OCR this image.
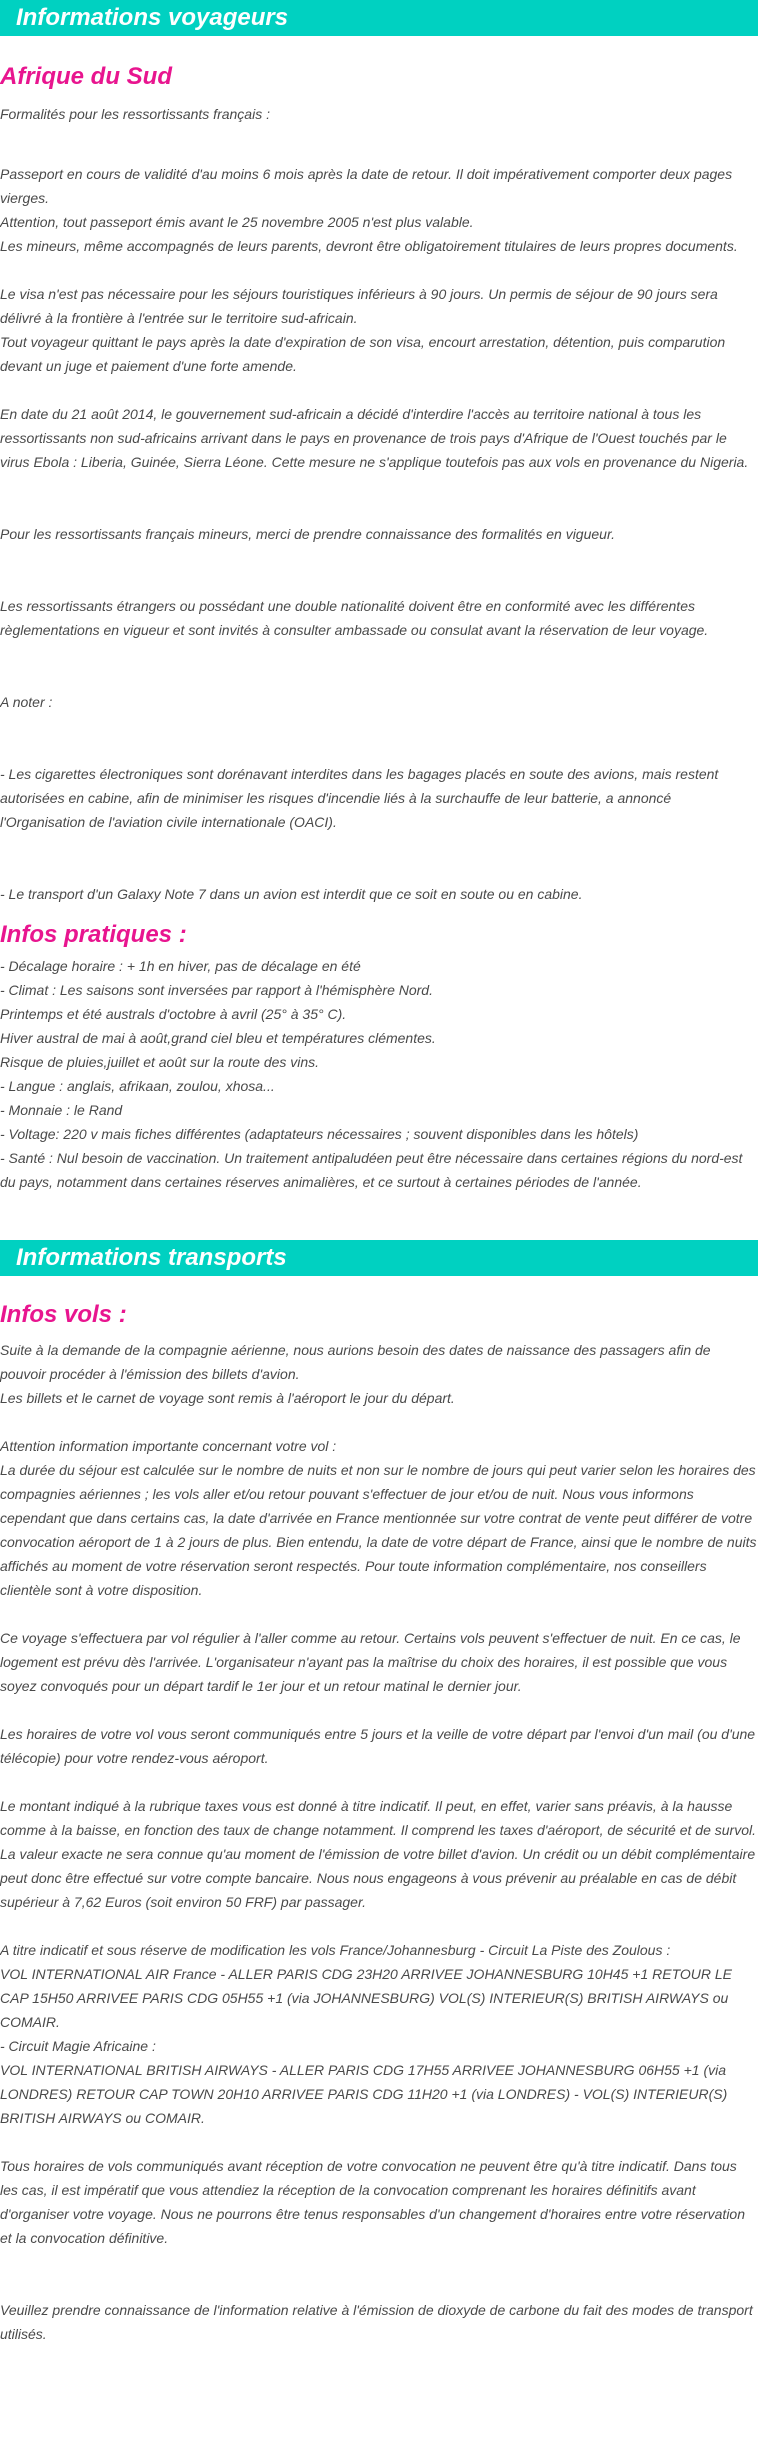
Informations voyageurs
Afrique du Sud

Formalités pour les ressortissants français :

Passeport en cours de validité d'au moins 6 mois après la date de retour. Il doit impérativement comporter deux pages vierges.

Attention, tout passeport émis avant le 25 novembre 2005 n'est plus valable.

Les mineurs, même accompagnés de leurs parents, devront être obligatoirement titulaires de leurs propres documents.

Le visa n'est pas nécessaire pour les séjours touristiques inférieurs à 90 jours. Un permis de séjour de 90 jours sera délivré à la frontière à l'entrée sur le territoire sud-africain.

Tout voyageur quittant le pays après la date d'expiration de son visa, encourt arrestation, détention, puis comparution devant un juge et paiement d'une forte amende.

En date du 21 août 2014, le gouvernement sud-africain a décidé d'interdire l'accès au territoire national à tous les ressortissants non sud-africains arrivant dans le pays en provenance de trois pays d'Afrique de l'Ouest touchés par le virus Ebola : Liberia, Guinée, Sierra Léone. Cette mesure ne s'applique toutefois pas aux vols en provenance du Nigeria.

Pour les ressortissants français mineurs, merci de prendre connaissance des formalités en vigueur.

Les ressortissants étrangers ou possédant une double nationalité doivent être en conformité avec les différentes règlementations en vigueur et sont invités à consulter ambassade ou consulat avant la réservation de leur voyage.

A noter :

- Les cigarettes électroniques sont dorénavant interdites dans les bagages placés en soute des avions, mais restent autorisées en cabine, afin de minimiser les risques d'incendie liés à la surchauffe de leur batterie, a annoncé l'Organisation de l'aviation civile internationale (OACI).

- Le transport d'un Galaxy Note 7 dans un avion est interdit que ce soit en soute ou en cabine.

Infos pratiques :

- Décalage horaire : + 1h en hiver, pas de décalage en été

- Climat : Les saisons sont inversées par rapport à l'hémisphère Nord.

Printemps et été australs d'octobre à avril (25° à 35° C).

Hiver austral de mai à août,grand ciel bleu et températures clémentes.

Risque de pluies,juillet et août sur la route des vins.

- Langue : anglais, afrikaan, zoulou, xhosa...

- Monnaie : le Rand

- Voltage: 220 v mais fiches différentes (adaptateurs nécessaires ; souvent disponibles dans les hôtels)

- Santé : Nul besoin de vaccination. Un traitement antipaludéen peut être nécessaire dans certaines régions du nord-est du pays, notamment dans certaines réserves animalières, et ce surtout à certaines périodes de l'année.

Informations transports
Infos vols :

Suite à la demande de la compagnie aérienne, nous aurions besoin des dates de naissance des passagers afin de pouvoir procéder à l'émission des billets d'avion.

Les billets et le carnet de voyage sont remis à l'aéroport le jour du départ.

Attention information importante concernant votre vol :

La durée du séjour est calculée sur le nombre de nuits et non sur le nombre de jours qui peut varier selon les horaires des compagnies aériennes ; les vols aller et/ou retour pouvant s'effectuer de jour et/ou de nuit. Nous vous informons cependant que dans certains cas, la date d'arrivée en France mentionnée sur votre contrat de vente peut différer de votre convocation aéroport de 1 à 2 jours de plus. Bien entendu, la date de votre départ de France, ainsi que le nombre de nuits affichés au moment de votre réservation seront respectés. Pour toute information complémentaire, nos conseillers clientèle sont à votre disposition.

Ce voyage s'effectuera par vol régulier à l'aller comme au retour. Certains vols peuvent s'effectuer de nuit. En ce cas, le logement est prévu dès l'arrivée. L'organisateur n'ayant pas la maîtrise du choix des horaires, il est possible que vous soyez convoqués pour un départ tardif le 1er jour et un retour matinal le dernier jour.

Les horaires de votre vol vous seront communiqués entre 5 jours et la veille de votre départ par l'envoi d'un mail (ou d'une télécopie) pour votre rendez-vous aéroport.

Le montant indiqué à la rubrique taxes vous est donné à titre indicatif. Il peut, en effet, varier sans préavis, à la hausse comme à la baisse, en fonction des taux de change notamment. Il comprend les taxes d'aéroport, de sécurité et de survol. La valeur exacte ne sera connue qu'au moment de l'émission de votre billet d'avion. Un crédit ou un débit complémentaire peut donc être effectué sur votre compte bancaire. Nous nous engageons à vous prévenir au préalable en cas de débit supérieur à 7,62 Euros (soit environ 50 FRF) par passager.

A titre indicatif et sous réserve de modification les vols France/Johannesburg - Circuit La Piste des Zoulous :

VOL INTERNATIONAL AIR France - ALLER PARIS CDG 23H20 ARRIVEE JOHANNESBURG 10H45 +1 RETOUR LE CAP 15H50 ARRIVEE PARIS CDG 05H55 +1 (via JOHANNESBURG) VOL(S) INTERIEUR(S) BRITISH AIRWAYS ou COMAIR.

- Circuit Magie Africaine :

VOL INTERNATIONAL BRITISH AIRWAYS - ALLER PARIS CDG 17H55 ARRIVEE JOHANNESBURG 06H55 +1 (via LONDRES) RETOUR CAP TOWN 20H10 ARRIVEE PARIS CDG 11H20 +1 (via LONDRES) - VOL(S) INTERIEUR(S) BRITISH AIRWAYS ou COMAIR.

Tous horaires de vols communiqués avant réception de votre convocation ne peuvent être qu'à titre indicatif. Dans tous les cas, il est impératif que vous attendiez la réception de la convocation comprenant les horaires définitifs avant d'organiser votre voyage. Nous ne pourrons être tenus responsables d'un changement d'horaires entre votre réservation et la convocation définitive.

Veuillez prendre connaissance de l'information relative à l'émission de dioxyde de carbone du fait des modes de transport utilisés.
